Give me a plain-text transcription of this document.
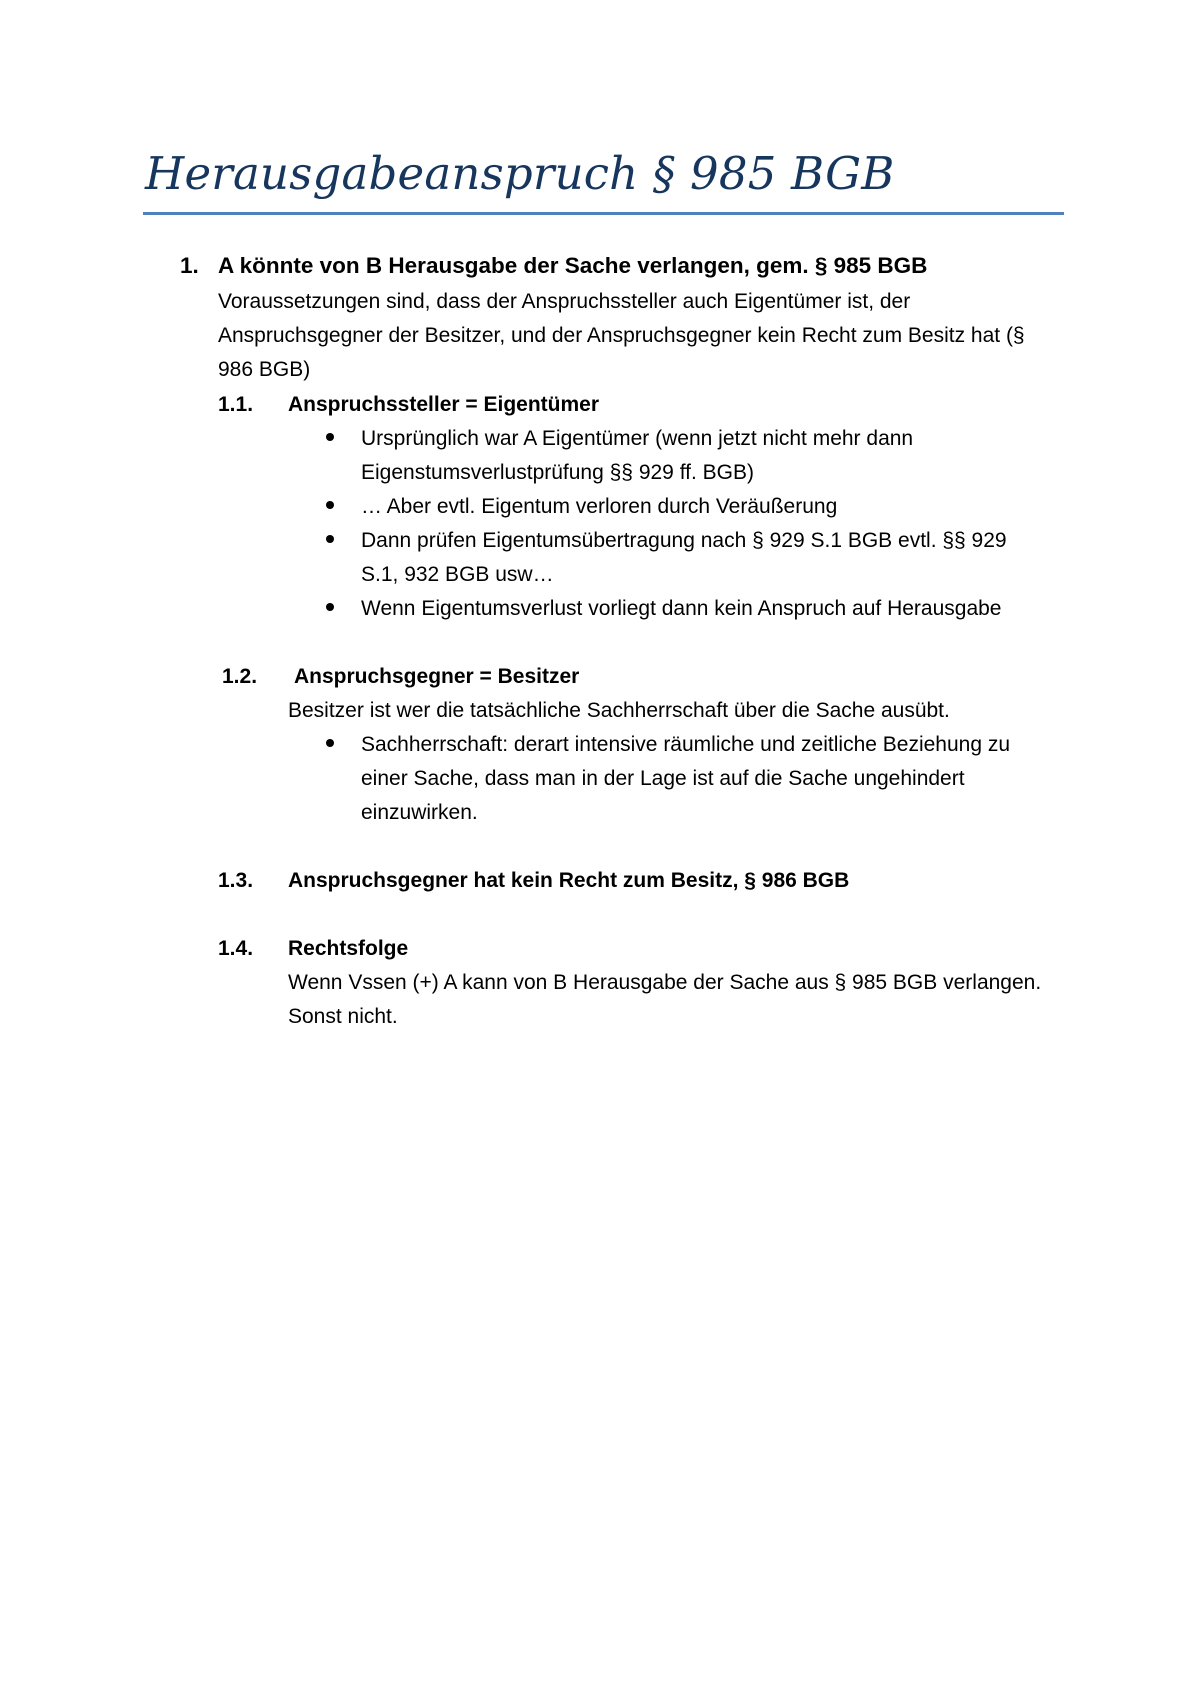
Herausgabeanspruch § 985 BGB
1. A könnte von B Herausgabe der Sache verlangen, gem. § 985 BGB
Voraussetzungen sind, dass der Anspruchssteller auch Eigentümer ist, der
Anspruchsgegner der Besitzer, und der Anspruchsgegner kein Recht zum Besitz hat (§
986 BGB)
1.1. Anspruchssteller = Eigentümer
Ursprünglich war A Eigentümer (wenn jetzt nicht mehr dann
Eigenstumsverlustprüfung §§ 929 ff. BGB)
… Aber evtl. Eigentum verloren durch Veräußerung
Dann prüfen Eigentumsübertragung nach § 929 S.1 BGB evtl. §§ 929
S.1, 932 BGB usw…
Wenn Eigentumsverlust vorliegt dann kein Anspruch auf Herausgabe
1.2. Anspruchsgegner = Besitzer
Besitzer ist wer die tatsächliche Sachherrschaft über die Sache ausübt.
Sachherrschaft: derart intensive räumliche und zeitliche Beziehung zu
einer Sache, dass man in der Lage ist auf die Sache ungehindert
einzuwirken.
1.3. Anspruchsgegner hat kein Recht zum Besitz, § 986 BGB
1.4. Rechtsfolge
Wenn Vssen (+) A kann von B Herausgabe der Sache aus § 985 BGB verlangen.
Sonst nicht.
